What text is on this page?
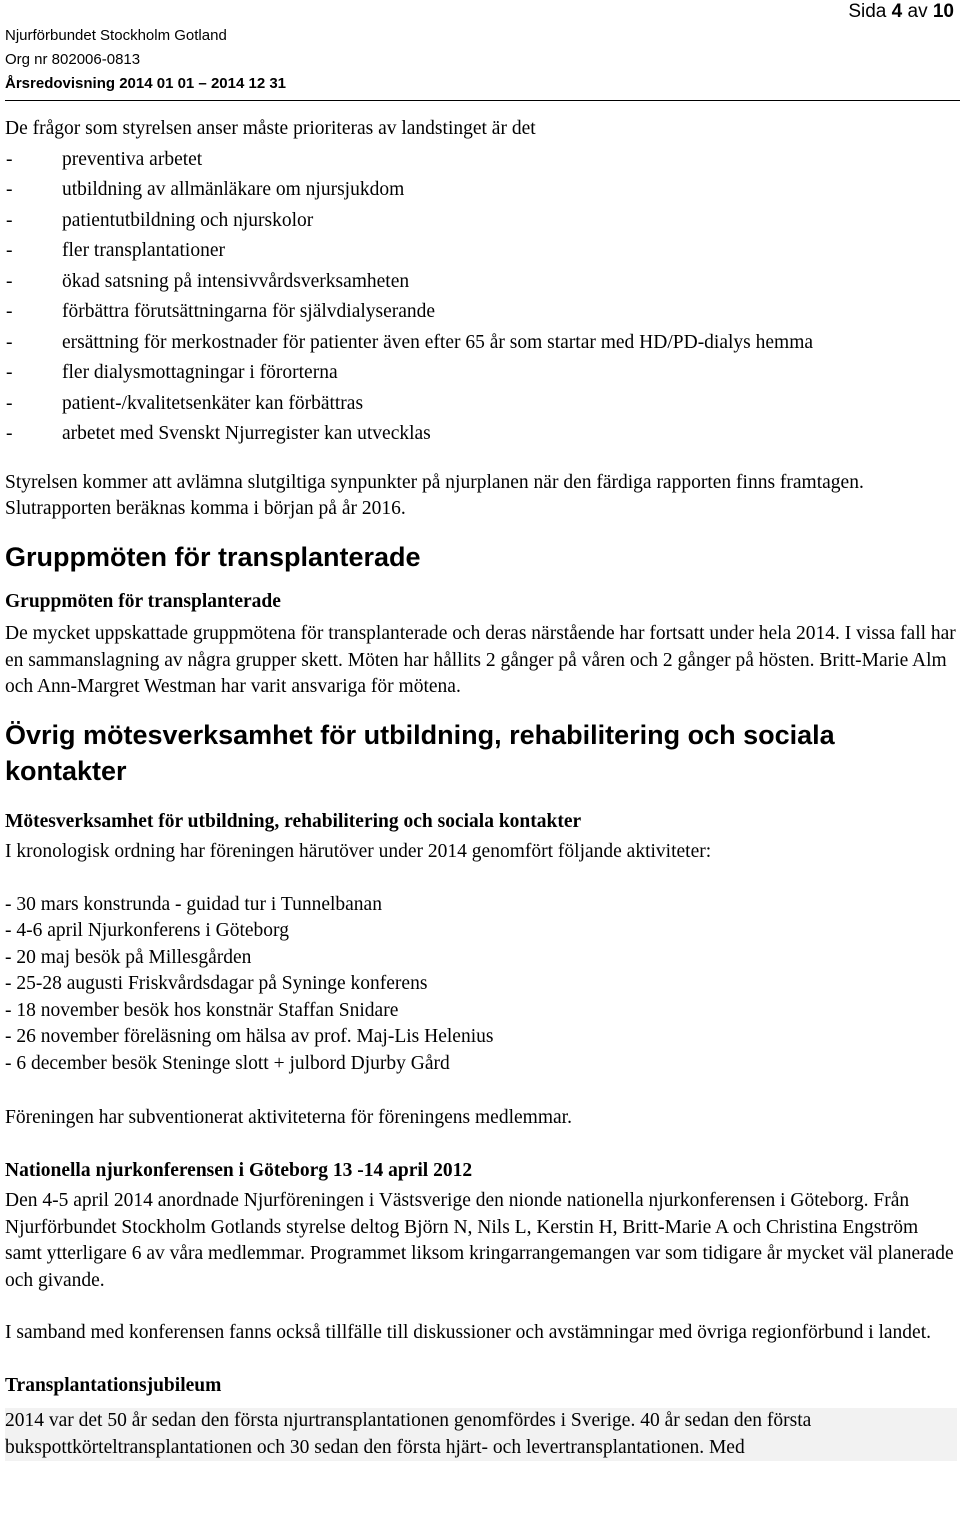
Njurförbundet Stockholm Gotland
Org nr 802006-0813
Årsredovisning 2014 01 01 – 2014 12 31
Sida 4 av 10

De frågor som styrelsen anser måste prioriteras av landstinget är det

-	preventiva arbetet
-	utbildning av allmänläkare om njursjukdom
-	patientutbildning och njurskolor
-	fler transplantationer
-	ökad satsning på intensivvårdsverksamheten
-	förbättra förutsättningarna för självdialyserande
-	ersättning för merkostnader för patienter även efter 65 år som startar med HD/PD-dialys hemma
-	fler dialysmottagningar i förorterna
-	patient-/kvalitetsenkäter kan förbättras
-	arbetet med Svenskt Njurregister kan utvecklas

Styrelsen kommer att avlämna slutgiltiga synpunkter på njurplanen när den färdiga rapporten finns framtagen. Slutrapporten beräknas komma i början på år 2016.

Gruppmöten för transplanterade
Gruppmöten för transplanterade

De mycket uppskattade gruppmötena för transplanterade och deras närstående har fortsatt under hela 2014. I vissa fall har en sammanslagning av några grupper skett. Möten har hållits 2 gånger på våren och 2 gånger på hösten. Britt-Marie Alm och Ann-Margret Westman har varit ansvariga för mötena.

Övrig mötesverksamhet för utbildning, rehabilitering och sociala kontakter
Mötesverksamhet för utbildning, rehabilitering och sociala kontakter

I kronologisk ordning har föreningen härutöver under 2014 genomfört följande aktiviteter:

- 30 mars konstrunda - guidad tur i Tunnelbanan
- 4-6 april Njurkonferens i Göteborg
- 20 maj besök på Millesgården
- 25-28 augusti Friskvårdsdagar på Syninge konferens
- 18 november besök hos konstnär Staffan Snidare
- 26 november föreläsning om hälsa av prof. Maj-Lis Helenius
- 6 december besök Steninge slott + julbord Djurby Gård

Föreningen har subventionerat aktiviteterna för föreningens medlemmar.

Nationella njurkonferensen i Göteborg 13 -14 april 2012

Den 4-5 april 2014 anordnade Njurföreningen i Västsverige den nionde nationella njurkonferensen i Göteborg. Från Njurförbundet Stockholm Gotlands styrelse deltog Björn N, Nils L, Kerstin H, Britt-Marie A och Christina Engström samt ytterligare 6 av våra medlemmar. Programmet liksom kringarrangemangen var som tidigare år mycket väl planerade och givande.

I samband med konferensen fanns också tillfälle till diskussioner och avstämningar med övriga regionförbund i landet.

Transplantationsjubileum

2014 var det 50 år sedan den första njurtransplantationen genomfördes i Sverige. 40 år sedan den första bukspottkörteltransplantationen och 30 sedan den första hjärt- och levertransplantationen. Med
